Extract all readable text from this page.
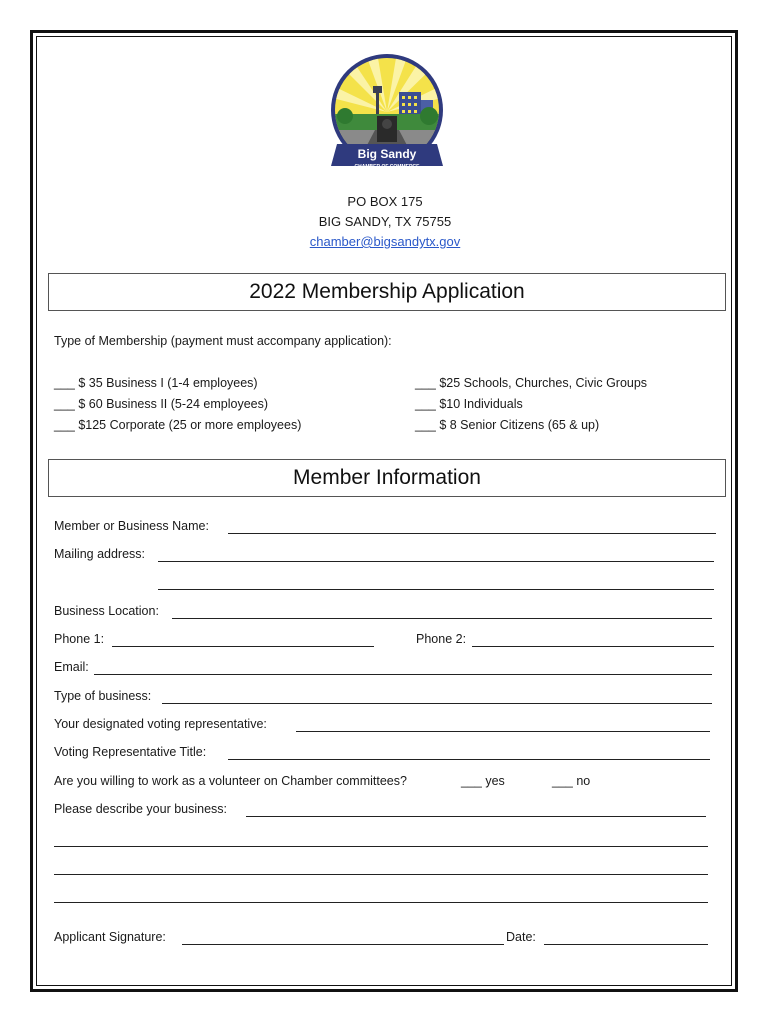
Big Sandy
CHAMBER OF COMMERCE
PO BOX 175
BIG SANDY, TX 75755
chamber@bigsandytx.gov
2022 Membership Application
Type of Membership (payment must accompany application):
___ $ 35 Business I (1-4 employees)
___ $ 60 Business II (5-24 employees)
___ $125 Corporate (25 or more employees)
___ $25 Schools, Churches, Civic Groups
___ $10 Individuals
___ $ 8 Senior Citizens (65 & up)
Member Information
Member or Business Name:
Mailing address:
Business Location:
Phone 1:	Phone 2:
Email:
Type of business:
Your designated voting representative:
Voting Representative Title:
Are you willing to work as a volunteer on Chamber committees?	___ yes	___ no
Please describe your business:
Applicant Signature:	Date:
